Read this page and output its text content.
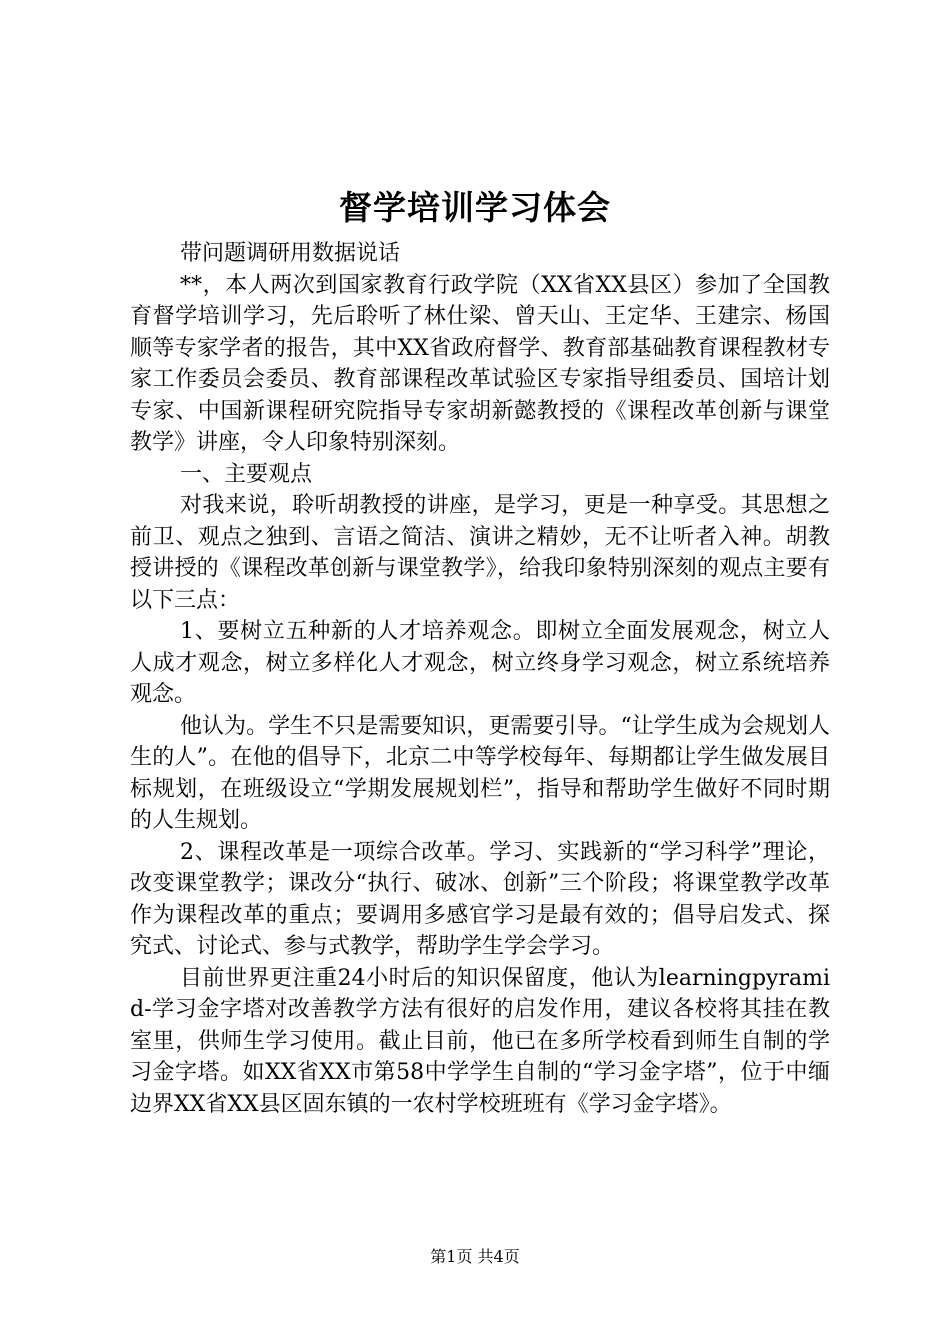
督学培训学习体会

带问题调研用数据说话

**，本人两次到国家教育行政学院（XX省XX县区）参加了全国教育督学培训学习，先后聆听了林仕梁、曾天山、王定华、王建宗、杨国顺等专家学者的报告，其中XX省政府督学、教育部基础教育课程教材专家工作委员会委员、教育部课程改革试验区专家指导组委员、国培计划专家、中国新课程研究院指导专家胡新懿教授的《课程改革创新与课堂教学》讲座，令人印象特别深刻。

一、主要观点

对我来说，聆听胡教授的讲座，是学习，更是一种享受。其思想之前卫、观点之独到、言语之简洁、演讲之精妙，无不让听者入神。胡教授讲授的《课程改革创新与课堂教学》，给我印象特别深刻的观点主要有以下三点：

1、要树立五种新的人才培养观念。即树立全面发展观念，树立人人成才观念，树立多样化人才观念，树立终身学习观念，树立系统培养观念。

他认为。学生不只是需要知识，更需要引导。“让学生成为会规划人生的人”。在他的倡导下，北京二中等学校每年、每期都让学生做发展目标规划，在班级设立“学期发展规划栏”，指导和帮助学生做好不同时期的人生规划。

2、课程改革是一项综合改革。学习、实践新的“学习科学”理论，改变课堂教学；课改分“执行、破冰、创新”三个阶段；将课堂教学改革作为课程改革的重点；要调用多感官学习是最有效的；倡导启发式、探究式、讨论式、参与式教学，帮助学生学会学习。

目前世界更注重24小时后的知识保留度，他认为learningpyramid-学习金字塔对改善教学方法有很好的启发作用，建议各校将其挂在教室里，供师生学习使用。截止目前，他已在多所学校看到师生自制的学习金字塔。如XX省XX市第58中学学生自制的“学习金字塔”，位于中缅边界XX省XX县区固东镇的一农村学校班班有《学习金字塔》。

第1页 共4页
